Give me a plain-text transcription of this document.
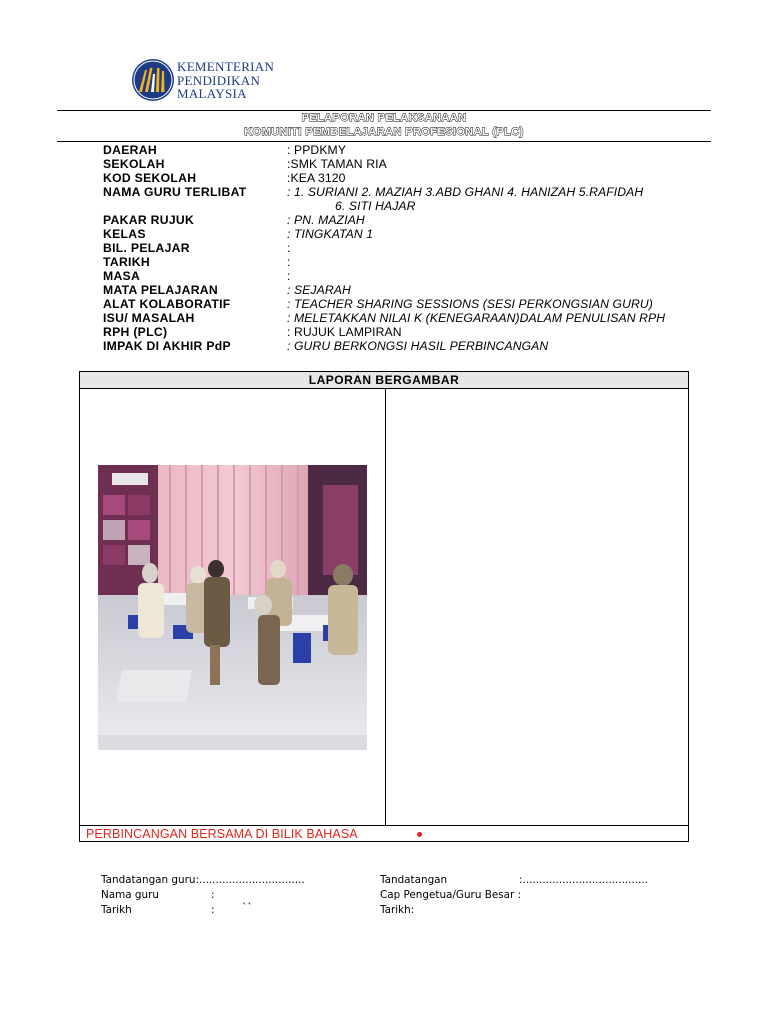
KEMENTERIAN
PENDIDIKAN
MALAYSIA
PELAPORAN PELAKSANAAN
KOMUNITI PEMBELAJARAN PROFESIONAL (PLC)
DAERAH	: PPDKMY
SEKOLAH	:SMK TAMAN RIA
KOD SEKOLAH	:KEA 3120
NAMA GURU TERLIBAT	: 1. SURIANI 2. MAZIAH 3.ABD GHANI 4. HANIZAH 5.RAFIDAH
6. SITI HAJAR
PAKAR RUJUK	: PN. MAZIAH
KELAS	: TINGKATAN 1
BIL. PELAJAR	:
TARIKH	:
MASA	:
MATA PELAJARAN	: SEJARAH
ALAT KOLABORATIF	: TEACHER SHARING SESSIONS (SESI PERKONGSIAN GURU)
ISU/ MASALAH	: MELETAKKAN NILAI K (KENEGARAAN)DALAM PENULISAN RPH
RPH (PLC)	: RUJUK LAMPIRAN
IMPAK DI AKHIR PdP	: GURU BERKONGSI HASIL PERBINCANGAN
LAPORAN BERGAMBAR
PERBINCANGAN BERSAMA DI BILIK BAHASA
Tandatangan guru:................................
Nama guru	:
Tarikh	:	``
Tandatangan	:......................................
Cap Pengetua/Guru Besar :
Tarikh:
